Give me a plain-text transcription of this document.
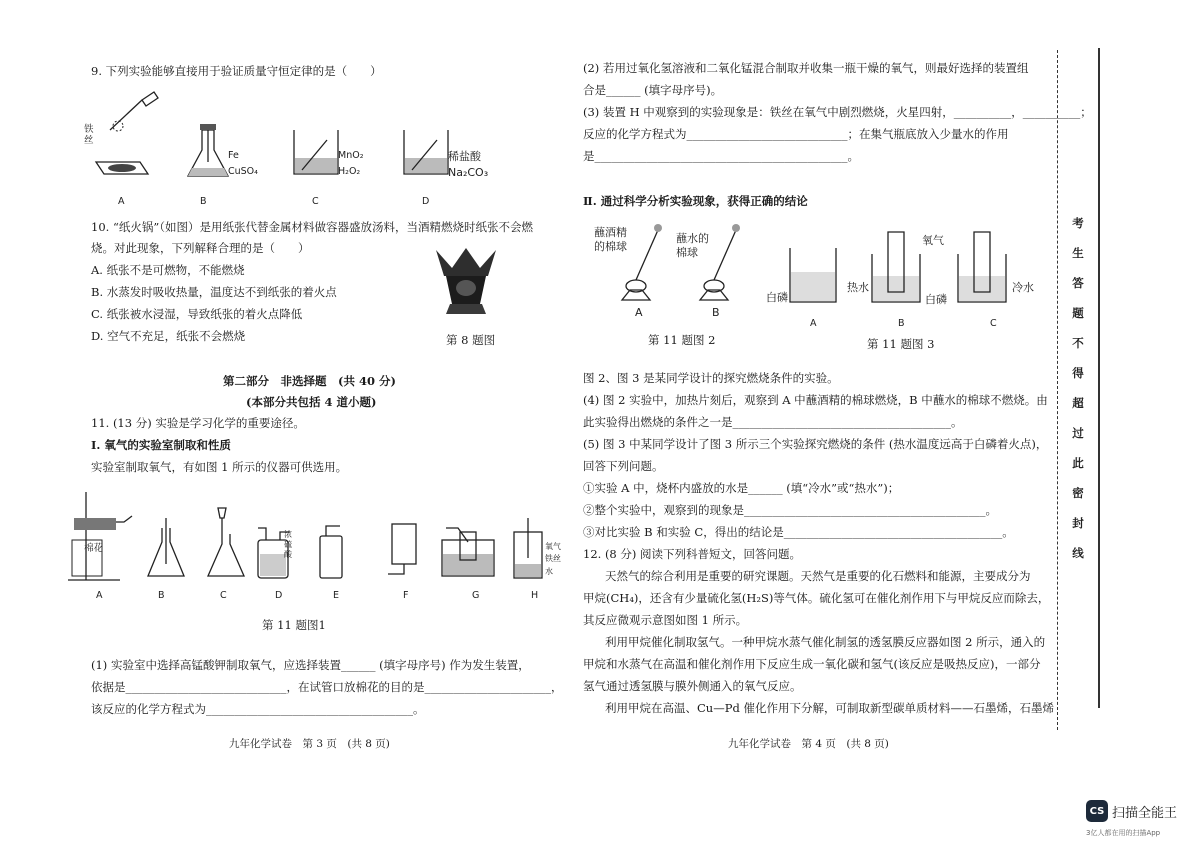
9. 下列实验能够直接用于验证质量守恒定律的是（　　）
铁丝
Fe
CuSO₄
MnO₂
H₂O₂
稀盐酸
Na₂CO₃
A	B	C	D
10. “纸火锅”（如图）是用纸张代替金属材料做容器盛放汤料，当酒精燃烧时纸张不会燃
烧。对此现象，下列解释合理的是（　　）
A. 纸张不是可燃物，不能燃烧
B. 水蒸发时吸收热量，温度达不到纸张的着火点
C. 纸张被水浸湿，导致纸张的着火点降低
D. 空气不充足，纸张不会燃烧	第 8 题图
第二部分　非选择题　(共 40 分)
(本部分共包括 4 道小题)
11. (13 分) 实验是学习化学的重要途径。
Ⅰ. 氧气的实验室制取和性质
实验室制取氧气，有如图 1 所示的仪器可供选用。
棉花
浓硫酸
氧气
铁丝
水
A	B	C	D	E	F	G	H
第 11 题图1
(1) 实验室中选择高锰酸钾制取氧气，应选择装置______ (填字母序号) 作为发生装置，
依据是____________________________，在试管口放棉花的目的是______________________，
该反应的化学方程式为____________________________________。
九年化学试卷　第 3 页　(共 8 页)
(2) 若用过氧化氢溶液和二氧化锰混合制取并收集一瓶干燥的氧气，则最好选择的装置组
合是______ (填字母序号)。
(3) 装置 H 中观察到的实验现象是：铁丝在氧气中剧烈燃烧，火星四射，__________，__________；
反应的化学方程式为____________________________；在集气瓶底放入少量水的作用
是____________________________________________。
Ⅱ. 通过科学分析实验现象，获得正确的结论
蘸酒精的棉球
蘸水的棉球
A	B
第 11 题图 2
白磷
热水
白磷
氧气
冷水
A	B	C
第 11 题图 3
图 2、图 3 是某同学设计的探究燃烧条件的实验。
(4) 图 2 实验中，加热片刻后，观察到 A 中蘸酒精的棉球燃烧，B 中蘸水的棉球不燃烧。由
此实验得出燃烧的条件之一是______________________________________。
(5) 图 3 中某同学设计了图 3 所示三个实验探究燃烧的条件 (热水温度远高于白磷着火点)，
回答下列问题。
①实验 A 中，烧杯内盛放的水是______ (填“冷水”或“热水”)；
②整个实验中，观察到的现象是__________________________________________。
③对比实验 B 和实验 C，得出的结论是______________________________________。
12. (8 分) 阅读下列科普短文，回答问题。
天然气的综合利用是重要的研究课题。天然气是重要的化石燃料和能源，主要成分为
甲烷(CH₄)，还含有少量硫化氢(H₂S)等气体。硫化氢可在催化剂作用下与甲烷反应而除去，
其反应微观示意图如图 1 所示。
利用甲烷催化制取氢气。一种甲烷水蒸气催化制氢的透氢膜反应器如图 2 所示，通入的
甲烷和水蒸气在高温和催化剂作用下反应生成一氧化碳和氢气(该反应是吸热反应)，一部分
氢气通过透氢膜与膜外侧通入的氧气反应。
利用甲烷在高温、Cu—Pd 催化作用下分解，可制取新型碳单质材料——石墨烯，石墨烯
九年化学试卷　第 4 页　(共 8 页)
考
生
答
题
不
得
超
过
此
密
封
线
CS 扫描全能王
3亿人都在用的扫描App
